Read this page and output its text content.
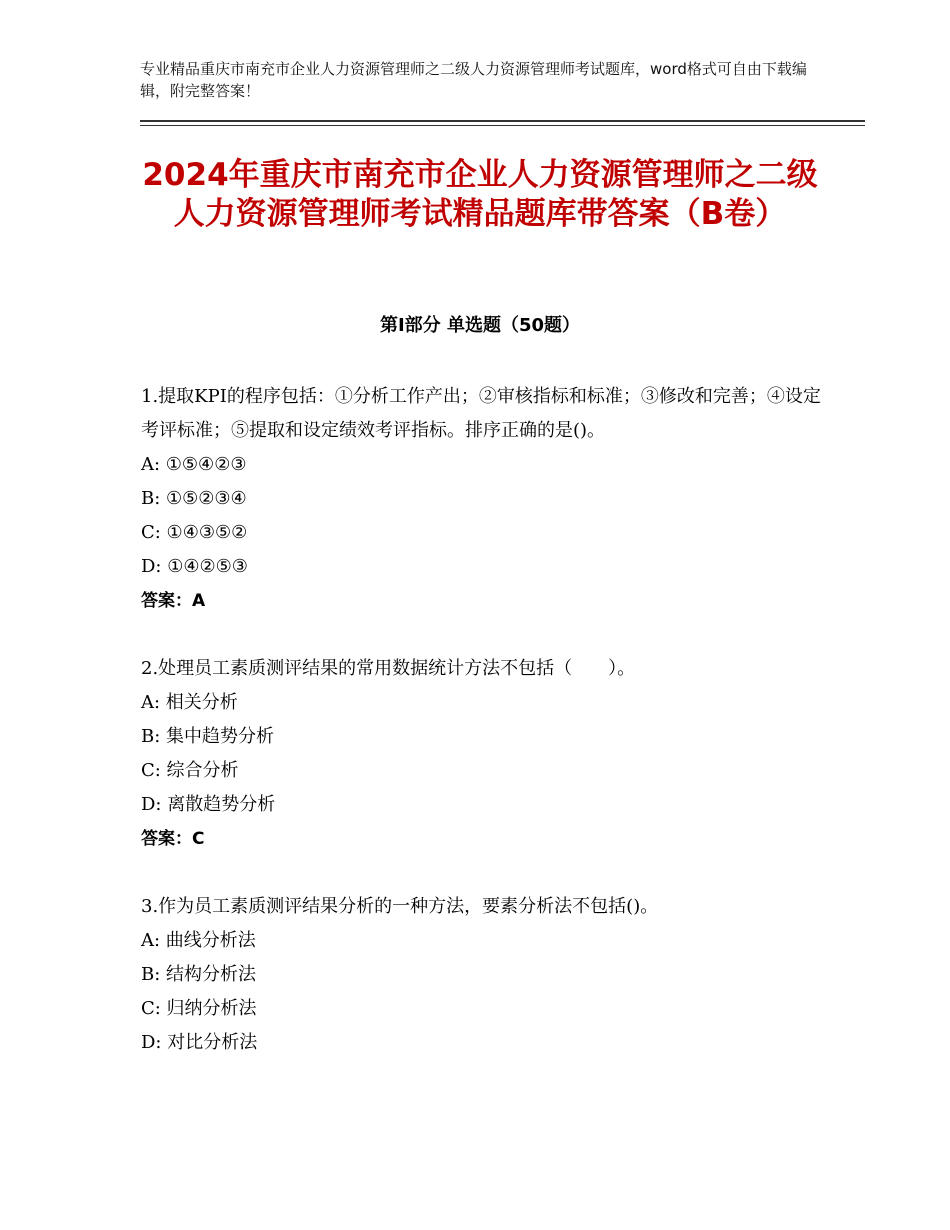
专业精品重庆市南充市企业人力资源管理师之二级人力资源管理师考试题库，word格式可自由下载编辑，附完整答案！
2024年重庆市南充市企业人力资源管理师之二级人力资源管理师考试精品题库带答案（B卷）
第Ⅰ部分 单选题（50题）
1.提取KPI的程序包括：①分析工作产出；②审核指标和标准；③修改和完善；④设定考评标准；⑤提取和设定绩效考评指标。排序正确的是()。
A: ①⑤④②③
B: ①⑤②③④
C: ①④③⑤②
D: ①④②⑤③
答案：A
2.处理员工素质测评结果的常用数据统计方法不包括（　　）。
A: 相关分析
B: 集中趋势分析
C: 综合分析
D: 离散趋势分析
答案：C
3.作为员工素质测评结果分析的一种方法，要素分析法不包括()。
A: 曲线分析法
B: 结构分析法
C: 归纳分析法
D: 对比分析法
